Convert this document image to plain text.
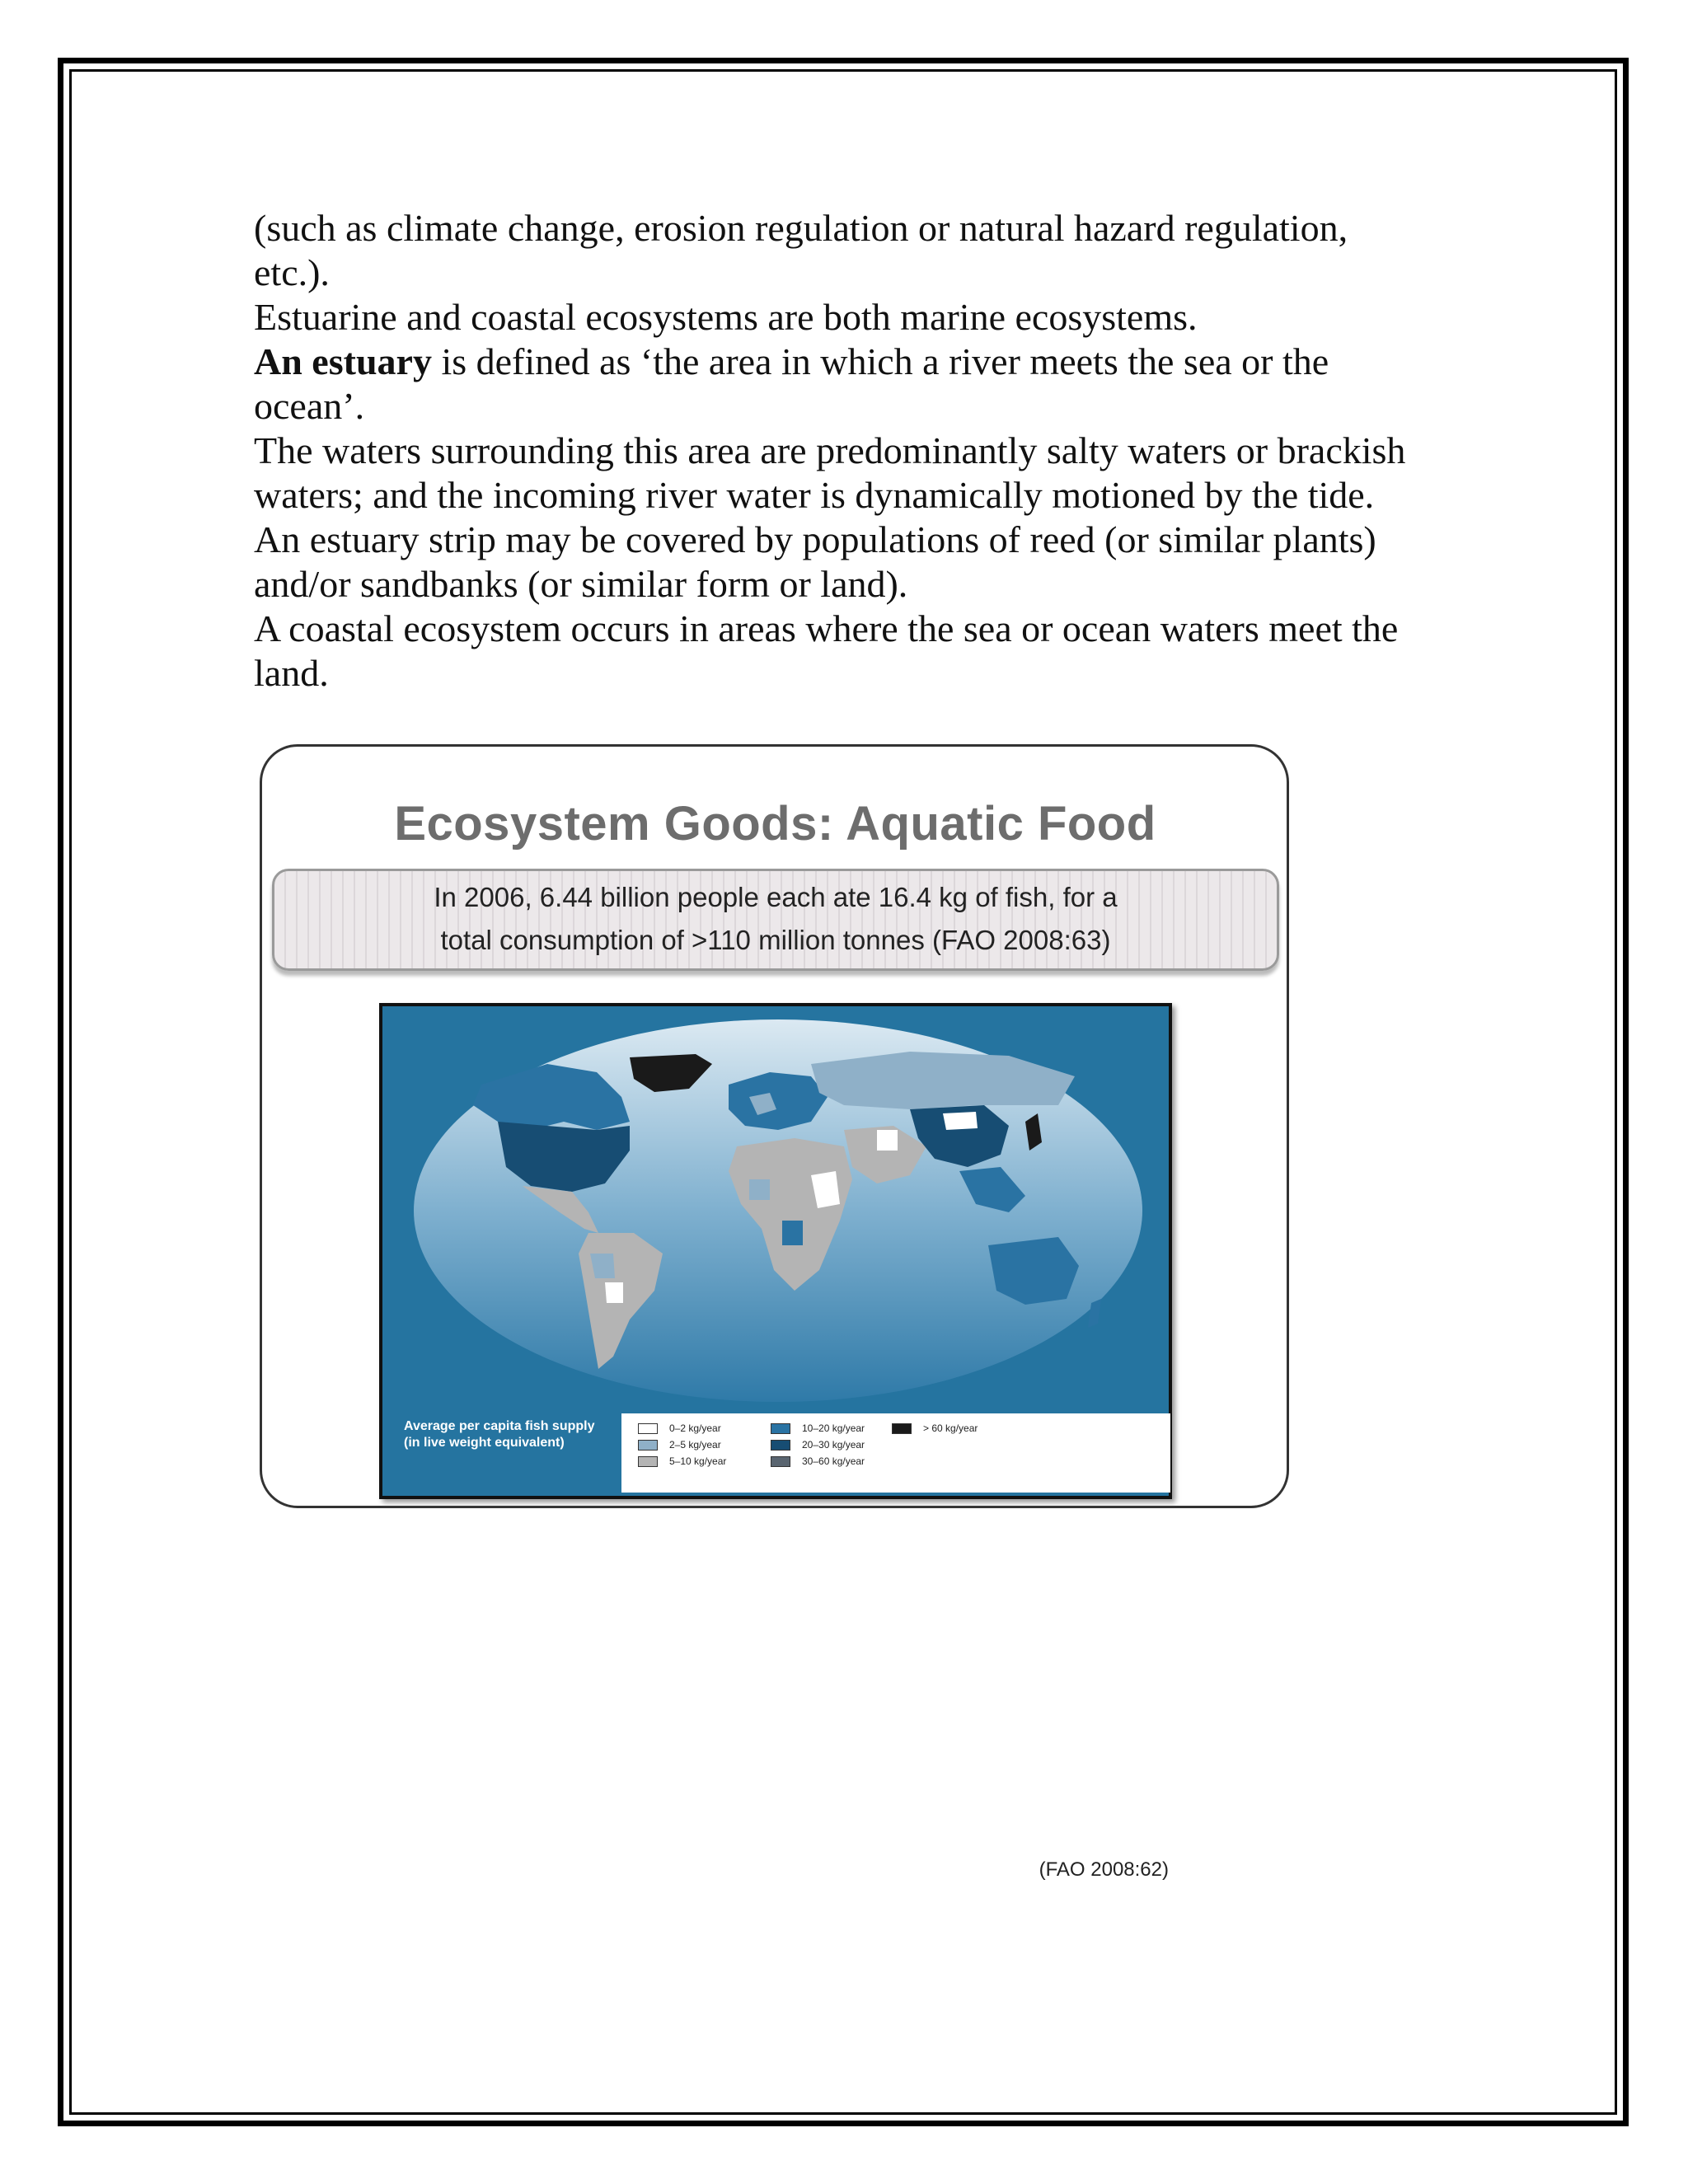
(such as climate change, erosion regulation or natural hazard regulation,

etc.).

Estuarine and coastal ecosystems are both marine ecosystems.

An estuary is defined as ‘the area in which a river meets the sea or the

ocean’.

The waters surrounding this area are predominantly salty waters or brackish

waters; and the incoming river water is dynamically motioned by the tide.

An estuary strip may be covered by populations of reed (or similar plants)

and/or sandbanks (or similar form or land).

A coastal ecosystem occurs in areas where the sea or ocean waters meet the

land.

Ecosystem Goods: Aquatic Food
In 2006, 6.44 billion people each ate 16.4 kg of fish, for a
total consumption of >110 million tonnes (FAO 2008:63)
Average per capita fish supply
(in live weight equivalent)
0–2 kg/year
2–5 kg/year
5–10 kg/year
10–20 kg/year
20–30 kg/year
30–60 kg/year
> 60 kg/year
(FAO 2008:62)
